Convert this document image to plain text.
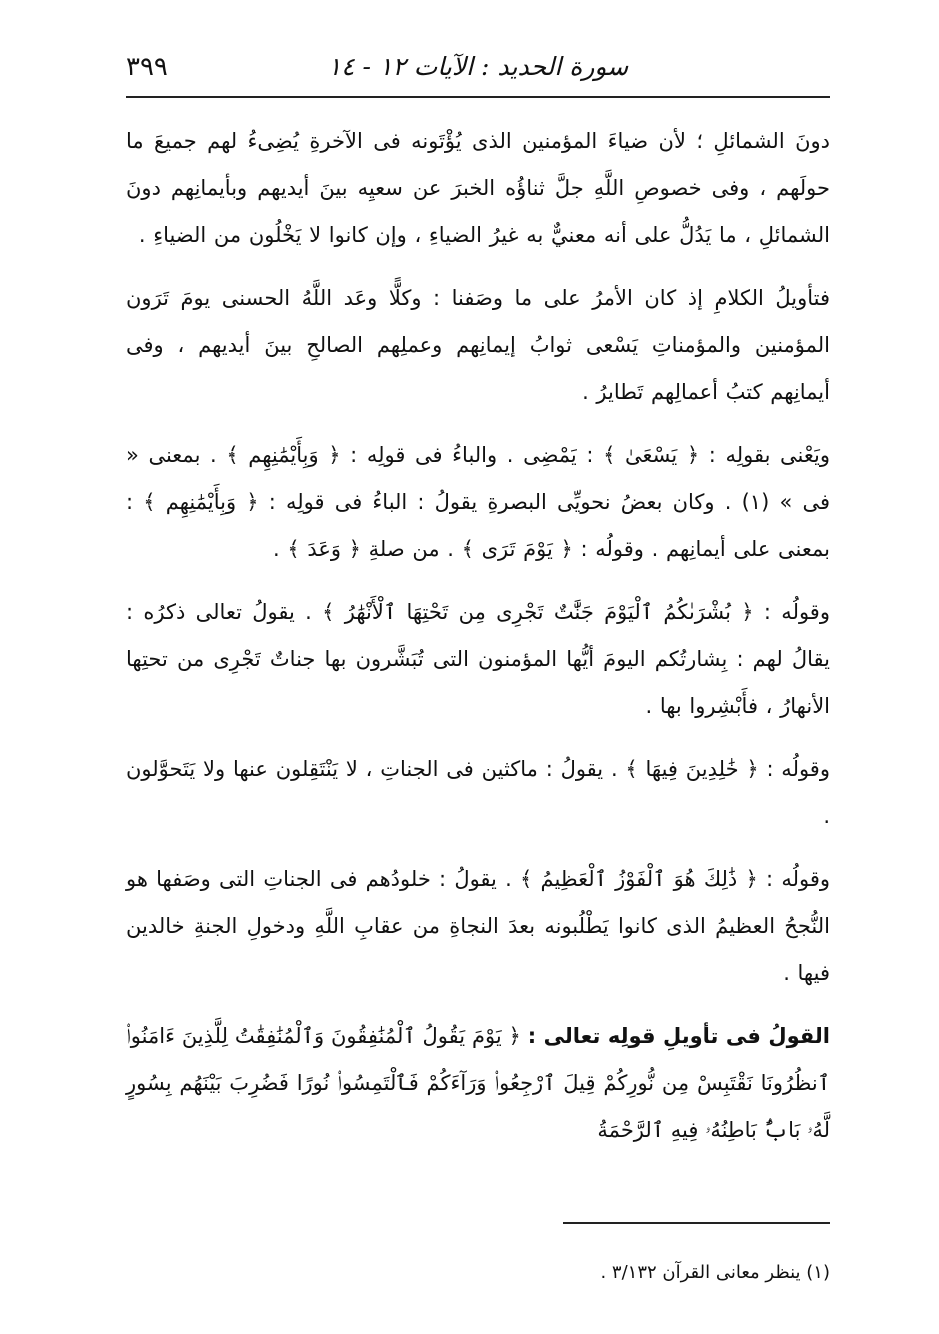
سورة الحديد : الآيات ١٢ - ١٤
٣٩٩

دونَ الشمائلِ ؛ لأن ضياءَ المؤمنين الذى يُؤْتَونه فى الآخرةِ يُضِىءُ لهم جميعَ ما حولَهم ، وفى خصوصِ اللَّهِ جلَّ ثناؤُه الخبرَ عن سعيِه بينَ أيديهم وبأيمانِهم دونَ الشمائلِ ، ما يَدُلُّ على أنه معنيٌّ به غيرُ الضياءِ ، وإن كانوا لا يَخْلُون من الضياءِ .

فتأويلُ الكلامِ إذ كان الأمرُ على ما وصَفنا : وكلًّا وعَد اللَّهُ الحسنى يومَ تَرَون المؤمنين والمؤمناتِ يَسْعى ثوابُ إيمانِهم وعملِهم الصالحِ بينَ أيديهم ، وفى أيمانِهم كتبُ أعمالِهم تَطايرُ .

ويَعْنى بقولِه : ﴿ يَسْعَىٰ ﴾ : يَمْضِى . والباءُ فى قولِه : ﴿ وَبِأَيْمَٰنِهِم ﴾ . بمعنى « فى » (١) . وكان بعضُ نحويِّى البصرةِ يقولُ : الباءُ فى قولِه : ﴿ وَبِأَيْمَٰنِهِم ﴾ : بمعنى على أيمانِهم . وقولُه : ﴿ يَوْمَ تَرَى ﴾ . من صلةِ ﴿ وَعَدَ ﴾ .

وقولُه : ﴿ بُشْرَىٰكُمُ ٱلْيَوْمَ جَنَّٰتٌ تَجْرِى مِن تَحْتِهَا ٱلْأَنْهَٰرُ ﴾ . يقولُ تعالى ذكرُه : يقالُ لهم : بِشارتُكم اليومَ أيُّها المؤمنون التى تُبَشَّرون بها جناتٌ تَجْرِى من تحتِها الأنهارُ ، فأَبْشِروا بها .

وقولُه : ﴿ خَٰلِدِينَ فِيهَا ﴾ . يقولُ : ماكثين فى الجناتِ ، لا يَنْتَقِلون عنها ولا يَتَحوَّلون .

وقولُه : ﴿ ذَٰلِكَ هُوَ ٱلْفَوْزُ ٱلْعَظِيمُ ﴾ . يقولُ : خلودُهم فى الجناتِ التى وصَفها هو النُّجحُ العظيمُ الذى كانوا يَطْلُبونه بعدَ النجاةِ من عقابِ اللَّهِ ودخولِ الجنةِ خالدين فيها .

القولُ فى تأويلِ قولِه تعالى : ﴿ يَوْمَ يَقُولُ ٱلْمُنَٰفِقُونَ وَٱلْمُنَٰفِقَٰتُ لِلَّذِينَ ءَامَنُوا۟ ٱنظُرُونَا نَقْتَبِسْ مِن نُّورِكُمْ قِيلَ ٱرْجِعُوا۟ وَرَآءَكُمْ فَٱلْتَمِسُوا۟ نُورًا فَضُرِبَ بَيْنَهُم بِسُورٍ لَّهُۥ بَابٌۢ بَاطِنُهُۥ فِيهِ ٱلرَّحْمَةُ

(١) ينظر معانى القرآن ٣/١٣٢ .
